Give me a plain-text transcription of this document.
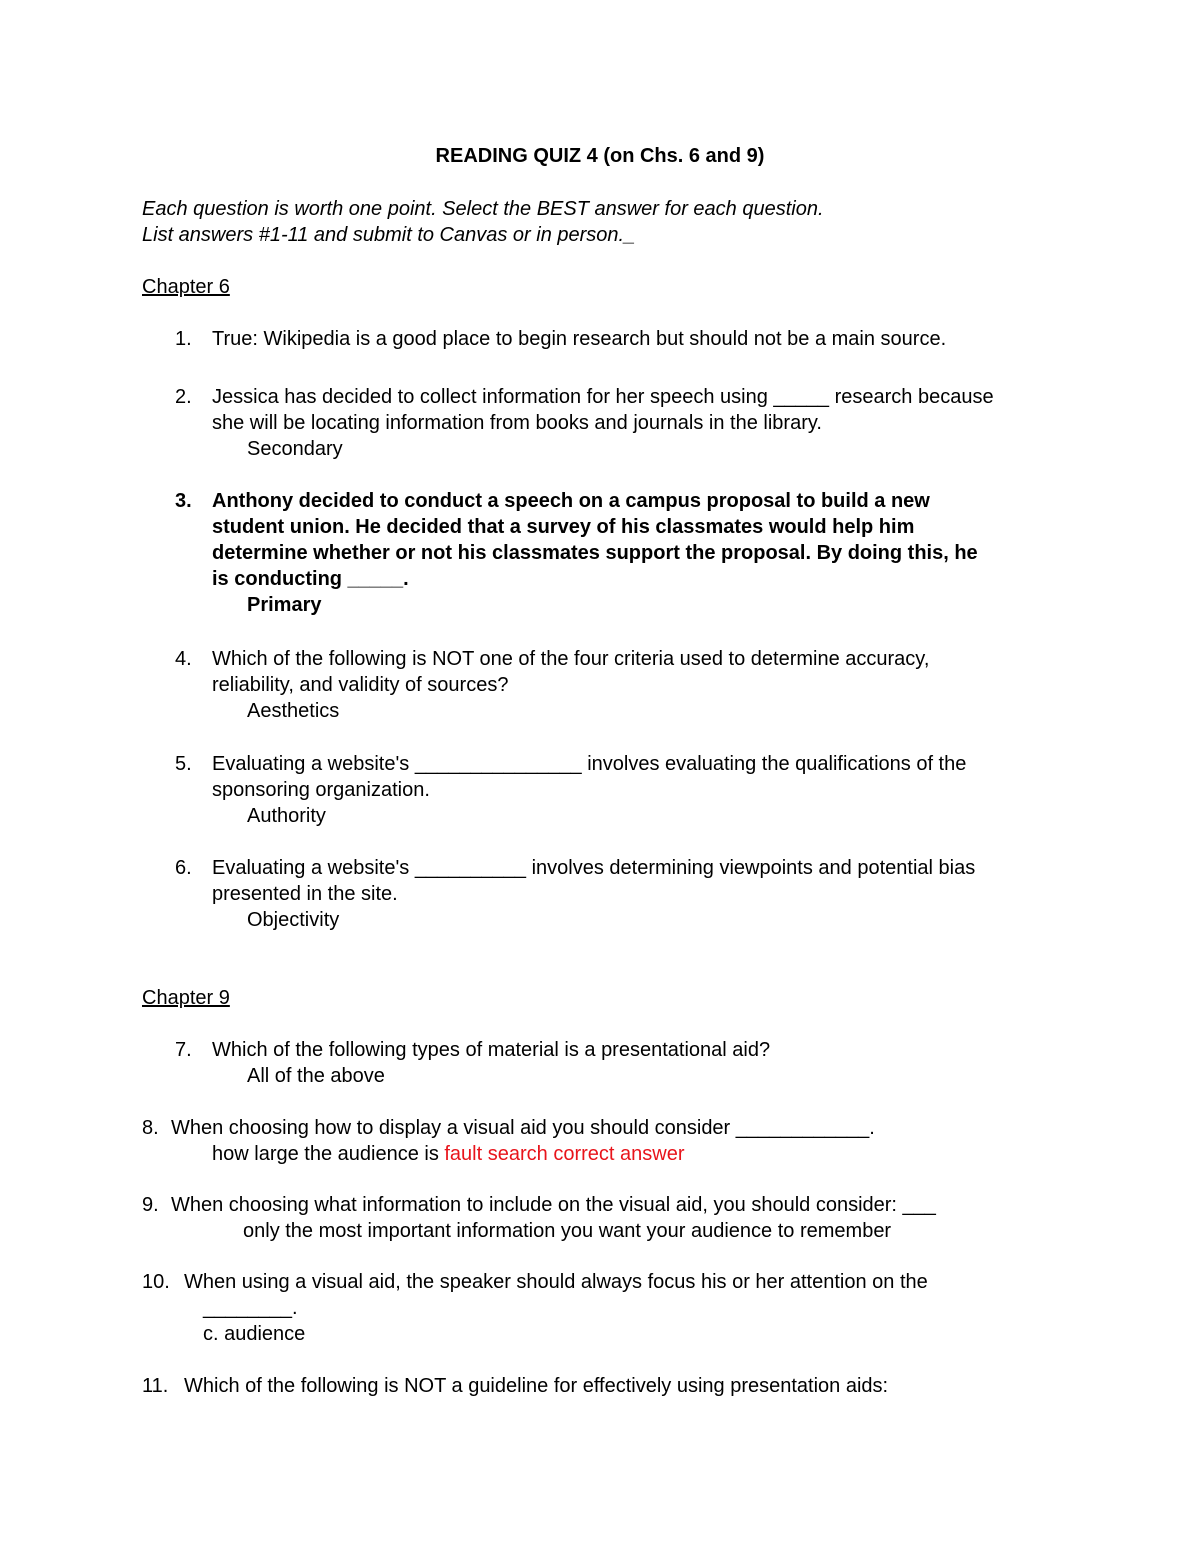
READING QUIZ 4 (on Chs. 6 and 9)
Each question is worth one point. Select the BEST answer for each question.
List answers #1-11 and submit to Canvas or in person._
Chapter 6
1. True: Wikipedia is a good place to begin research but should not be a main source.
2. Jessica has decided to collect information for her speech using _____ research because
she will be locating information from books and journals in the library.
Secondary
3. Anthony decided to conduct a speech on a campus proposal to build a new
student union. He decided that a survey of his classmates would help him
determine whether or not his classmates support the proposal. By doing this, he
is conducting _____.
Primary
4. Which of the following is NOT one of the four criteria used to determine accuracy,
reliability, and validity of sources?
Aesthetics
5. Evaluating a website's _______________ involves evaluating the qualifications of the
sponsoring organization.
Authority
6. Evaluating a website's __________ involves determining viewpoints and potential bias
presented in the site.
Objectivity
Chapter 9
7. Which of the following types of material is a presentational aid?
All of the above
8. When choosing how to display a visual aid you should consider ____________.
how large the audience is fault search correct answer
9. When choosing what information to include on the visual aid, you should consider: ___
only the most important information you want your audience to remember
10. When using a visual aid, the speaker should always focus his or her attention on the
________.
c. audience
11. Which of the following is NOT a guideline for effectively using presentation aids:
